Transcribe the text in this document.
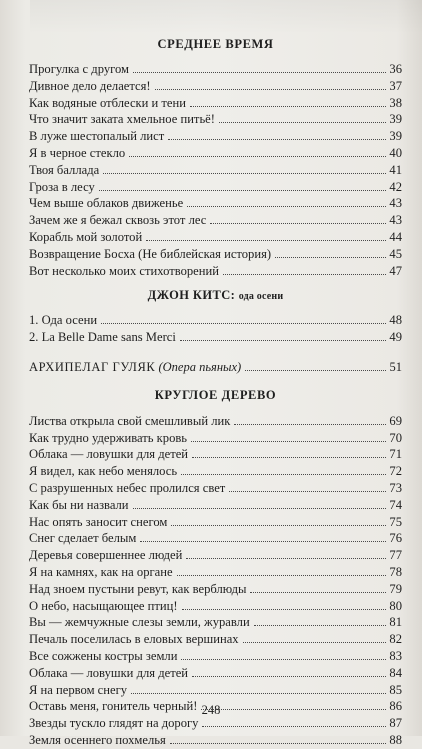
СРЕДНЕЕ ВРЕМЯ
Прогулка с другом	36
Дивное дело делается!	37
Как водяные отблески и тени	38
Что значит заката хмельное питьё!	39
В луже шестопалый лист	39
Я в черное стекло	40
Твоя баллада	41
Гроза в лесу	42
Чем выше облаков движенье	43
Зачем же я бежал сквозь этот лес	43
Корабль мой золотой	44
Возвращение Босха (Не библейская история)	45
Вот несколько моих стихотворений	47
ДЖОН КИТС: ода осени
1. Ода осени	48
2. La Belle Dame sans Merci	49
АРХИПЕЛАГ ГУЛЯК (Опера пьяных)	51
КРУГЛОЕ ДЕРЕВО
Листва открыла свой смешливый лик	69
Как трудно удерживать кровь	70
Облака — ловушки для детей	71
Я видел, как небо менялось	72
С разрушенных небес пролился свет	73
Как бы ни назвали	74
Нас опять заносит снегом	75
Снег сделает белым	76
Деревья совершеннее людей	77
Я на камнях, как на органе	78
Над зноем пустыни ревут, как верблюды	79
О небо, насыщающее птиц!	80
Вы — жемчужные слезы земли, журавли	81
Печаль поселилась в еловых вершинах	82
Все сожжены костры земли	83
Облака — ловушки для детей	84
Я на первом снегу	85
Оставь меня, гонитель черный!	86
Звезды тускло глядят на дорогу	87
Земля осеннего похмелья	88
248
